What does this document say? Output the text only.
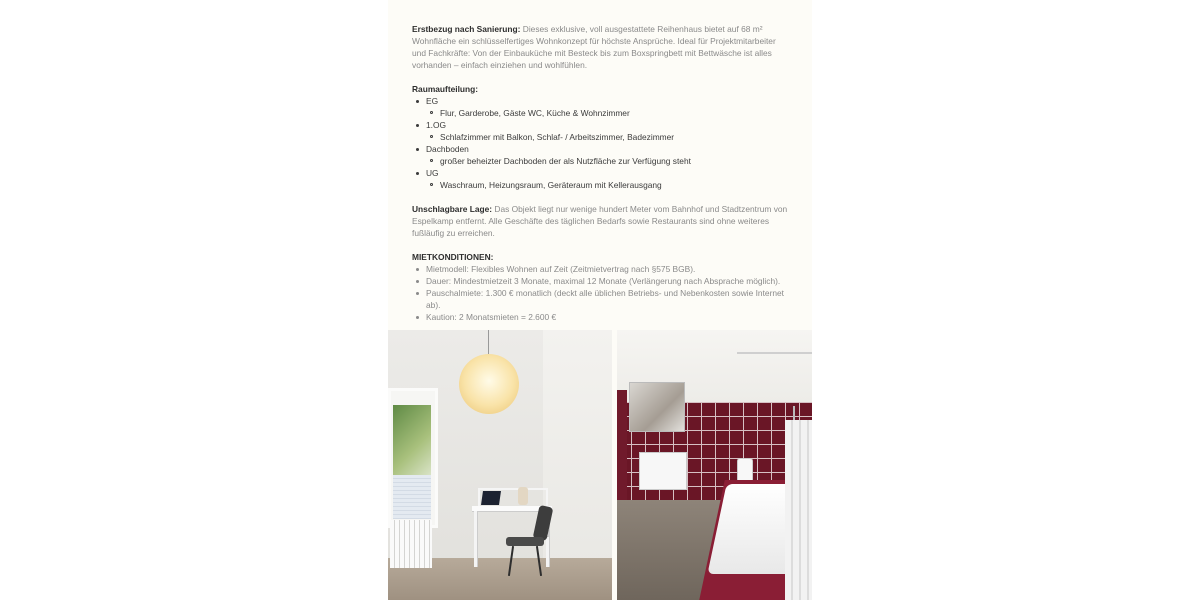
Erstbezug nach Sanierung: Dieses exklusive, voll ausgestattete Reihenhaus bietet auf 68 m² Wohnfläche ein schlüsselfertiges Wohnkonzept für höchste Ansprüche. Ideal für Projektmitarbeiter und Fachkräfte: Von der Einbauküche mit Besteck bis zum Boxspringbett mit Bettwäsche ist alles vorhanden – einfach einziehen und wohlfühlen.

Raumaufteilung:

EG
Flur, Garderobe, Gäste WC, Küche & Wohnzimmer
1.OG
Schlafzimmer mit Balkon, Schlaf- / Arbeitszimmer, Badezimmer
Dachboden
großer beheizter Dachboden der als Nutzfläche zur Verfügung steht
UG
Waschraum, Heizungsraum, Geräteraum mit Kellerausgang

Unschlagbare Lage: Das Objekt liegt nur wenige hundert Meter vom Bahnhof und Stadtzentrum von Espelkamp entfernt. Alle Geschäfte des täglichen Bedarfs sowie Restaurants sind ohne weiteres fußläufig zu erreichen.

MIETKONDITIONEN:

Mietmodell: Flexibles Wohnen auf Zeit (Zeitmietvertrag nach §575 BGB).
Dauer: Mindestmietzeit 3 Monate, maximal 12 Monate (Verlängerung nach Absprache möglich).
Pauschalmiete: 1.300 € monatlich (deckt alle üblichen Betriebs- und Nebenkosten sowie Internet ab).
Kaution: 2 Monatsmieten = 2.600 €
